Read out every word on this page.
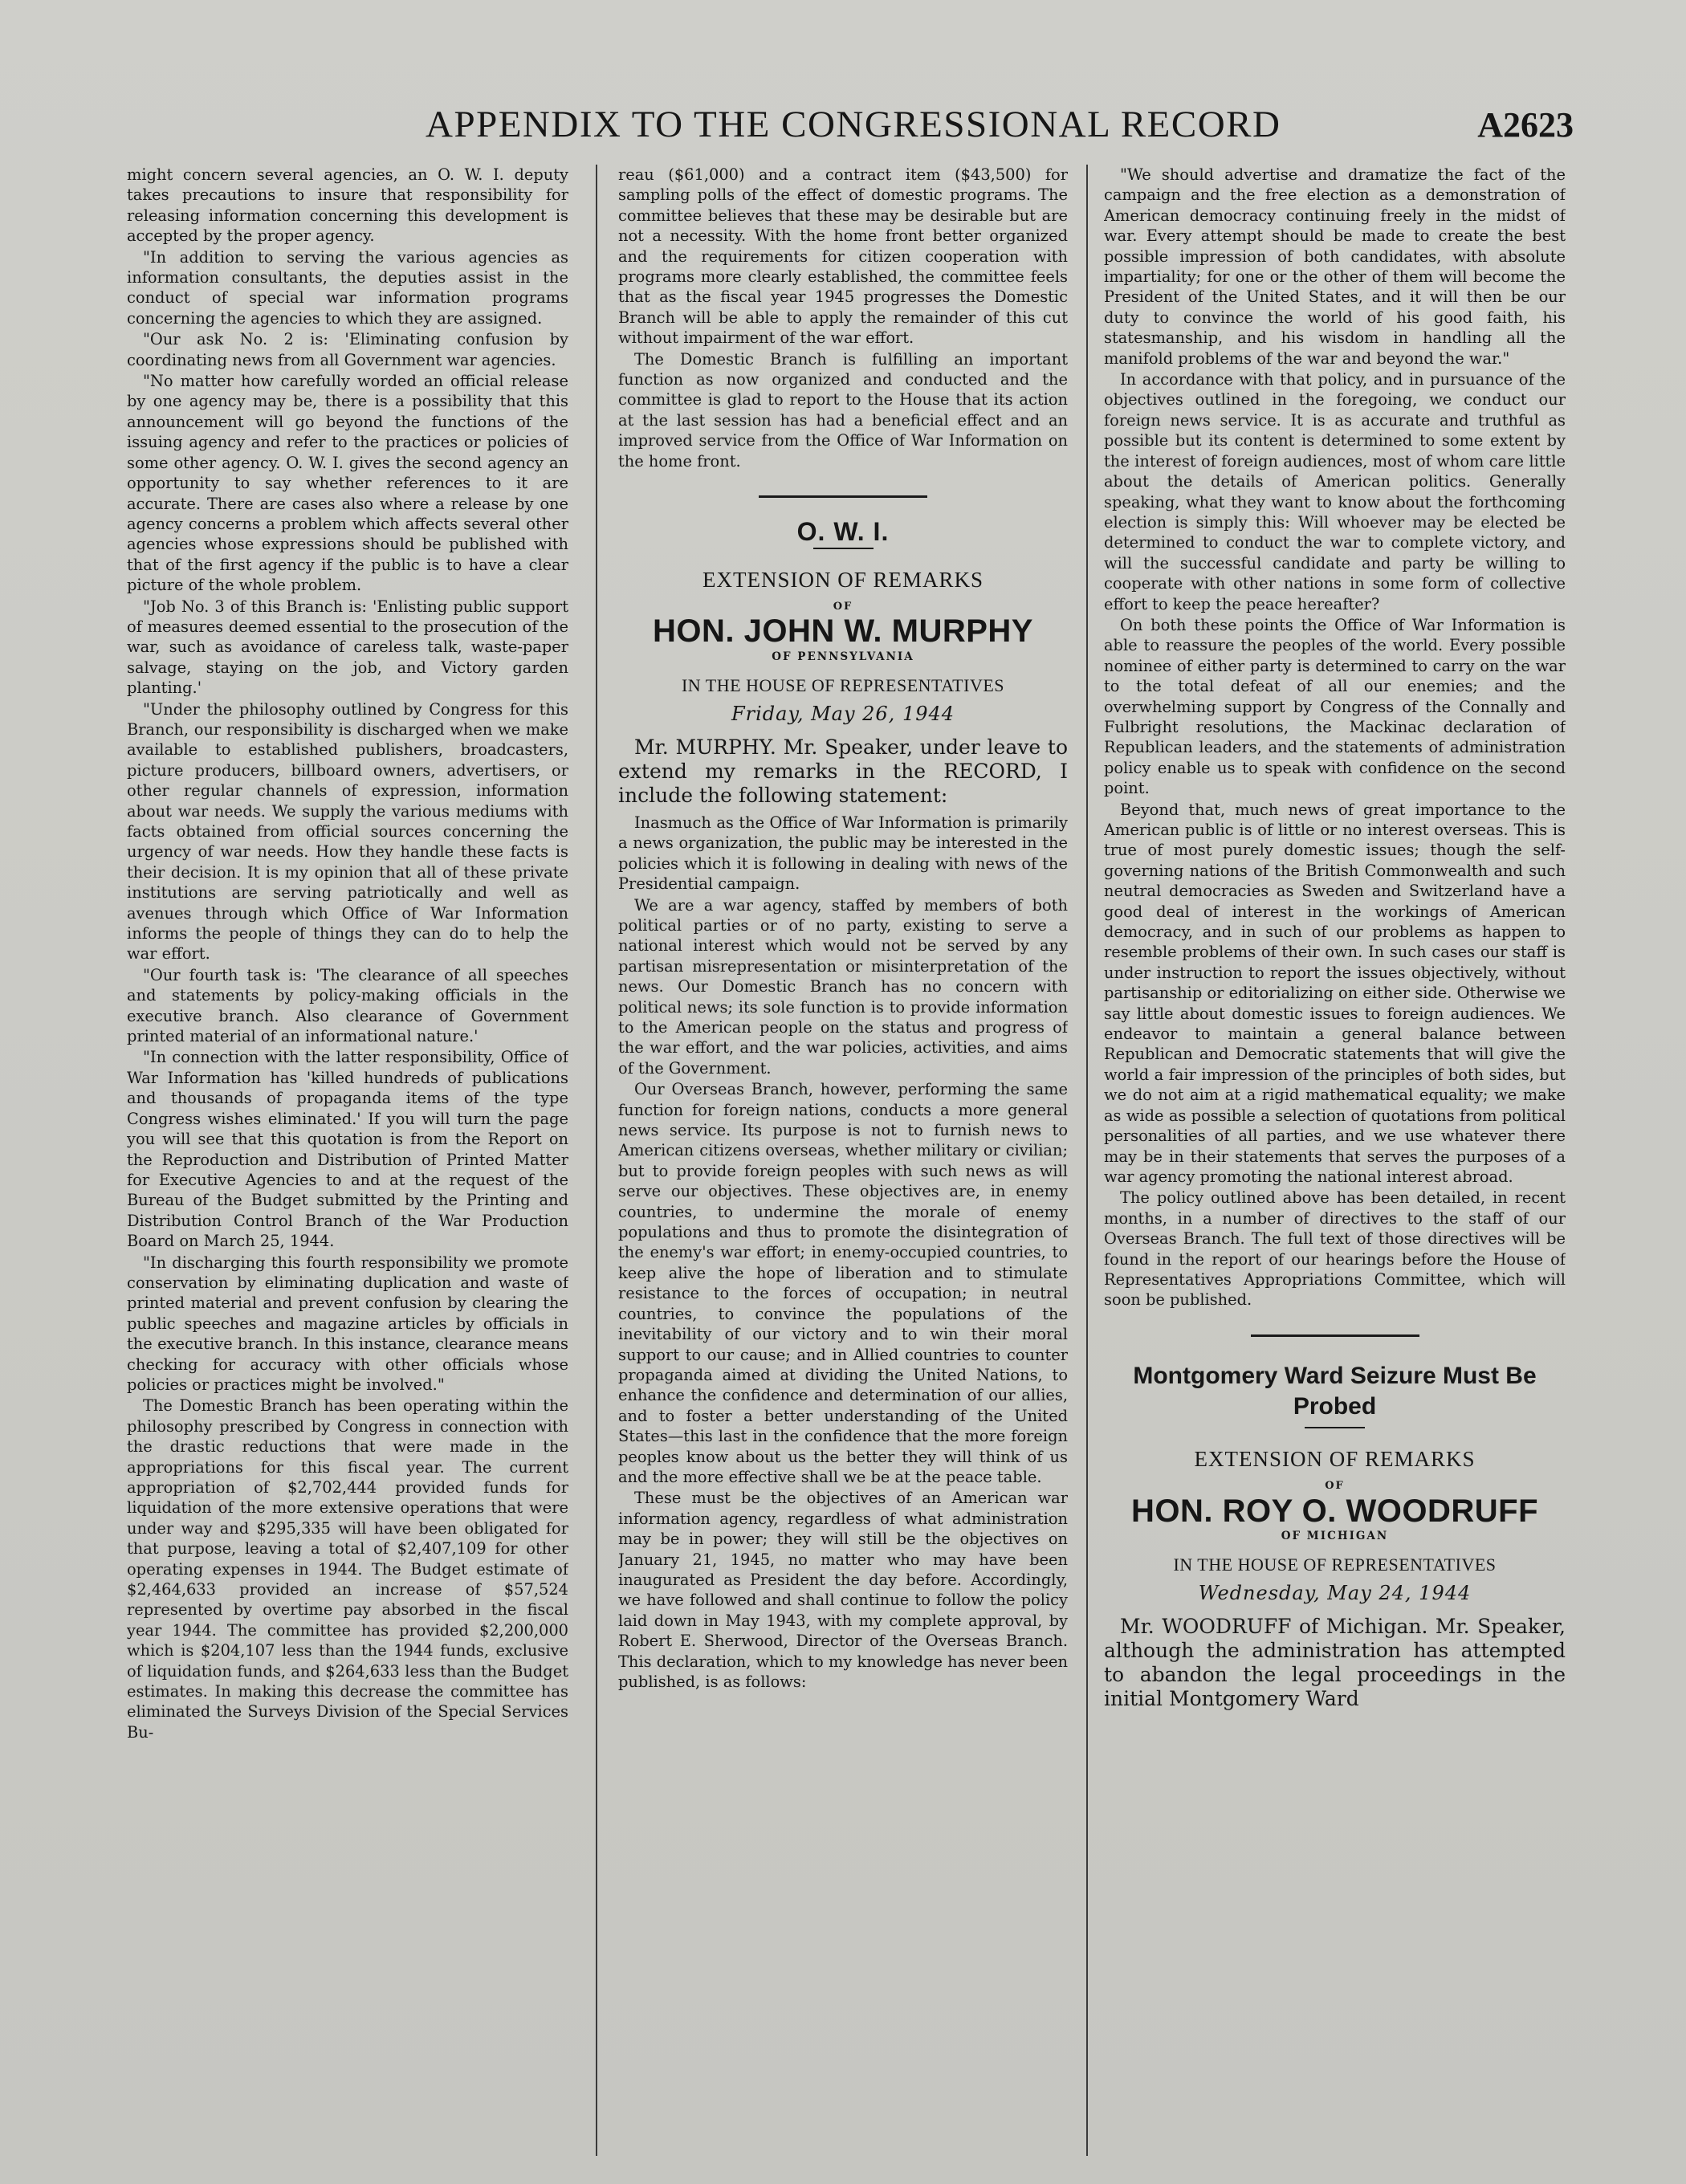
APPENDIX TO THE CONGRESSIONAL RECORD	A2623

might concern several agencies, an O. W. I. deputy takes precautions to insure that responsibility for releasing information concerning this development is accepted by the proper agency.

"In addition to serving the various agencies as information consultants, the deputies assist in the conduct of special war information programs concerning the agencies to which they are assigned.

"Our ask No. 2 is: 'Eliminating confusion by coordinating news from all Government war agencies.

"No matter how carefully worded an official release by one agency may be, there is a possibility that this announcement will go beyond the functions of the issuing agency and refer to the practices or policies of some other agency. O. W. I. gives the second agency an opportunity to say whether references to it are accurate. There are cases also where a release by one agency concerns a problem which affects several other agencies whose expressions should be published with that of the first agency if the public is to have a clear picture of the whole problem.

"Job No. 3 of this Branch is: 'Enlisting public support of measures deemed essential to the prosecution of the war, such as avoidance of careless talk, waste-paper salvage, staying on the job, and Victory garden planting.'

"Under the philosophy outlined by Congress for this Branch, our responsibility is discharged when we make available to established publishers, broadcasters, picture producers, billboard owners, advertisers, or other regular channels of expression, information about war needs. We supply the various mediums with facts obtained from official sources concerning the urgency of war needs. How they handle these facts is their decision. It is my opinion that all of these private institutions are serving patriotically and well as avenues through which Office of War Information informs the people of things they can do to help the war effort.

"Our fourth task is: 'The clearance of all speeches and statements by policy-making officials in the executive branch. Also clearance of Government printed material of an informational nature.'

"In connection with the latter responsibility, Office of War Information has 'killed hundreds of publications and thousands of propaganda items of the type Congress wishes eliminated.' If you will turn the page you will see that this quotation is from the Report on the Reproduction and Distribution of Printed Matter for Executive Agencies to and at the request of the Bureau of the Budget submitted by the Printing and Distribution Control Branch of the War Production Board on March 25, 1944.

"In discharging this fourth responsibility we promote conservation by eliminating duplication and waste of printed material and prevent confusion by clearing the public speeches and magazine articles by officials in the executive branch. In this instance, clearance means checking for accuracy with other officials whose policies or practices might be involved."

The Domestic Branch has been operating within the philosophy prescribed by Congress in connection with the drastic reductions that were made in the appropriations for this fiscal year. The current appropriation of $2,702,444 provided funds for liquidation of the more extensive operations that were under way and $295,335 will have been obligated for that purpose, leaving a total of $2,407,109 for other operating expenses in 1944. The Budget estimate of $2,464,633 provided an increase of $57,524 represented by overtime pay absorbed in the fiscal year 1944. The committee has provided $2,200,000 which is $204,107 less than the 1944 funds, exclusive of liquidation funds, and $264,633 less than the Budget estimates. In making this decrease the committee has eliminated the Surveys Division of the Special Services Bu-

reau ($61,000) and a contract item ($43,500) for sampling polls of the effect of domestic programs. The committee believes that these may be desirable but are not a necessity. With the home front better organized and the requirements for citizen cooperation with programs more clearly established, the committee feels that as the fiscal year 1945 progresses the Domestic Branch will be able to apply the remainder of this cut without impairment of the war effort.

The Domestic Branch is fulfilling an important function as now organized and conducted and the committee is glad to report to the House that its action at the last session has had a beneficial effect and an improved service from the Office of War Information on the home front.

O. W. I.
EXTENSION OF REMARKS
OF
HON. JOHN W. MURPHY
OF PENNSYLVANIA
IN THE HOUSE OF REPRESENTATIVES
Friday, May 26, 1944
Mr. MURPHY. Mr. Speaker, under leave to extend my remarks in the RECORD, I include the following statement:

Inasmuch as the Office of War Information is primarily a news organization, the public may be interested in the policies which it is following in dealing with news of the Presidential campaign.

We are a war agency, staffed by members of both political parties or of no party, existing to serve a national interest which would not be served by any partisan misrepresentation or misinterpretation of the news. Our Domestic Branch has no concern with political news; its sole function is to provide information to the American people on the status and progress of the war effort, and the war policies, activities, and aims of the Government.

Our Overseas Branch, however, performing the same function for foreign nations, conducts a more general news service. Its purpose is not to furnish news to American citizens overseas, whether military or civilian; but to provide foreign peoples with such news as will serve our objectives. These objectives are, in enemy countries, to undermine the morale of enemy populations and thus to promote the disintegration of the enemy's war effort; in enemy-occupied countries, to keep alive the hope of liberation and to stimulate resistance to the forces of occupation; in neutral countries, to convince the populations of the inevitability of our victory and to win their moral support to our cause; and in Allied countries to counter propaganda aimed at dividing the United Nations, to enhance the confidence and determination of our allies, and to foster a better understanding of the United States—this last in the confidence that the more foreign peoples know about us the better they will think of us and the more effective shall we be at the peace table.

These must be the objectives of an American war information agency, regardless of what administration may be in power; they will still be the objectives on January 21, 1945, no matter who may have been inaugurated as President the day before. Accordingly, we have followed and shall continue to follow the policy laid down in May 1943, with my complete approval, by Robert E. Sherwood, Director of the Overseas Branch. This declaration, which to my knowledge has never been published, is as follows:

"We should advertise and dramatize the fact of the campaign and the free election as a demonstration of American democracy continuing freely in the midst of war. Every attempt should be made to create the best possible impression of both candidates, with absolute impartiality; for one or the other of them will become the President of the United States, and it will then be our duty to convince the world of his good faith, his statesmanship, and his wisdom in handling all the manifold problems of the war and beyond the war."

In accordance with that policy, and in pursuance of the objectives outlined in the foregoing, we conduct our foreign news service. It is as accurate and truthful as possible but its content is determined to some extent by the interest of foreign audiences, most of whom care little about the details of American politics. Generally speaking, what they want to know about the forthcoming election is simply this: Will whoever may be elected be determined to conduct the war to complete victory, and will the successful candidate and party be willing to cooperate with other nations in some form of collective effort to keep the peace hereafter?

On both these points the Office of War Information is able to reassure the peoples of the world. Every possible nominee of either party is determined to carry on the war to the total defeat of all our enemies; and the overwhelming support by Congress of the Connally and Fulbright resolutions, the Mackinac declaration of Republican leaders, and the statements of administration policy enable us to speak with confidence on the second point.

Beyond that, much news of great importance to the American public is of little or no interest overseas. This is true of most purely domestic issues; though the self-governing nations of the British Commonwealth and such neutral democracies as Sweden and Switzerland have a good deal of interest in the workings of American democracy, and in such of our problems as happen to resemble problems of their own. In such cases our staff is under instruction to report the issues objectively, without partisanship or editorializing on either side. Otherwise we say little about domestic issues to foreign audiences. We endeavor to maintain a general balance between Republican and Democratic statements that will give the world a fair impression of the principles of both sides, but we do not aim at a rigid mathematical equality; we make as wide as possible a selection of quotations from political personalities of all parties, and we use whatever there may be in their statements that serves the purposes of a war agency promoting the national interest abroad.

The policy outlined above has been detailed, in recent months, in a number of directives to the staff of our Overseas Branch. The full text of those directives will be found in the report of our hearings before the House of Representatives Appropriations Committee, which will soon be published.

Montgomery Ward Seizure Must Be Probed
EXTENSION OF REMARKS
OF
HON. ROY O. WOODRUFF
OF MICHIGAN
IN THE HOUSE OF REPRESENTATIVES
Wednesday, May 24, 1944
Mr. WOODRUFF of Michigan. Mr. Speaker, although the administration has attempted to abandon the legal proceedings in the initial Montgomery Ward
